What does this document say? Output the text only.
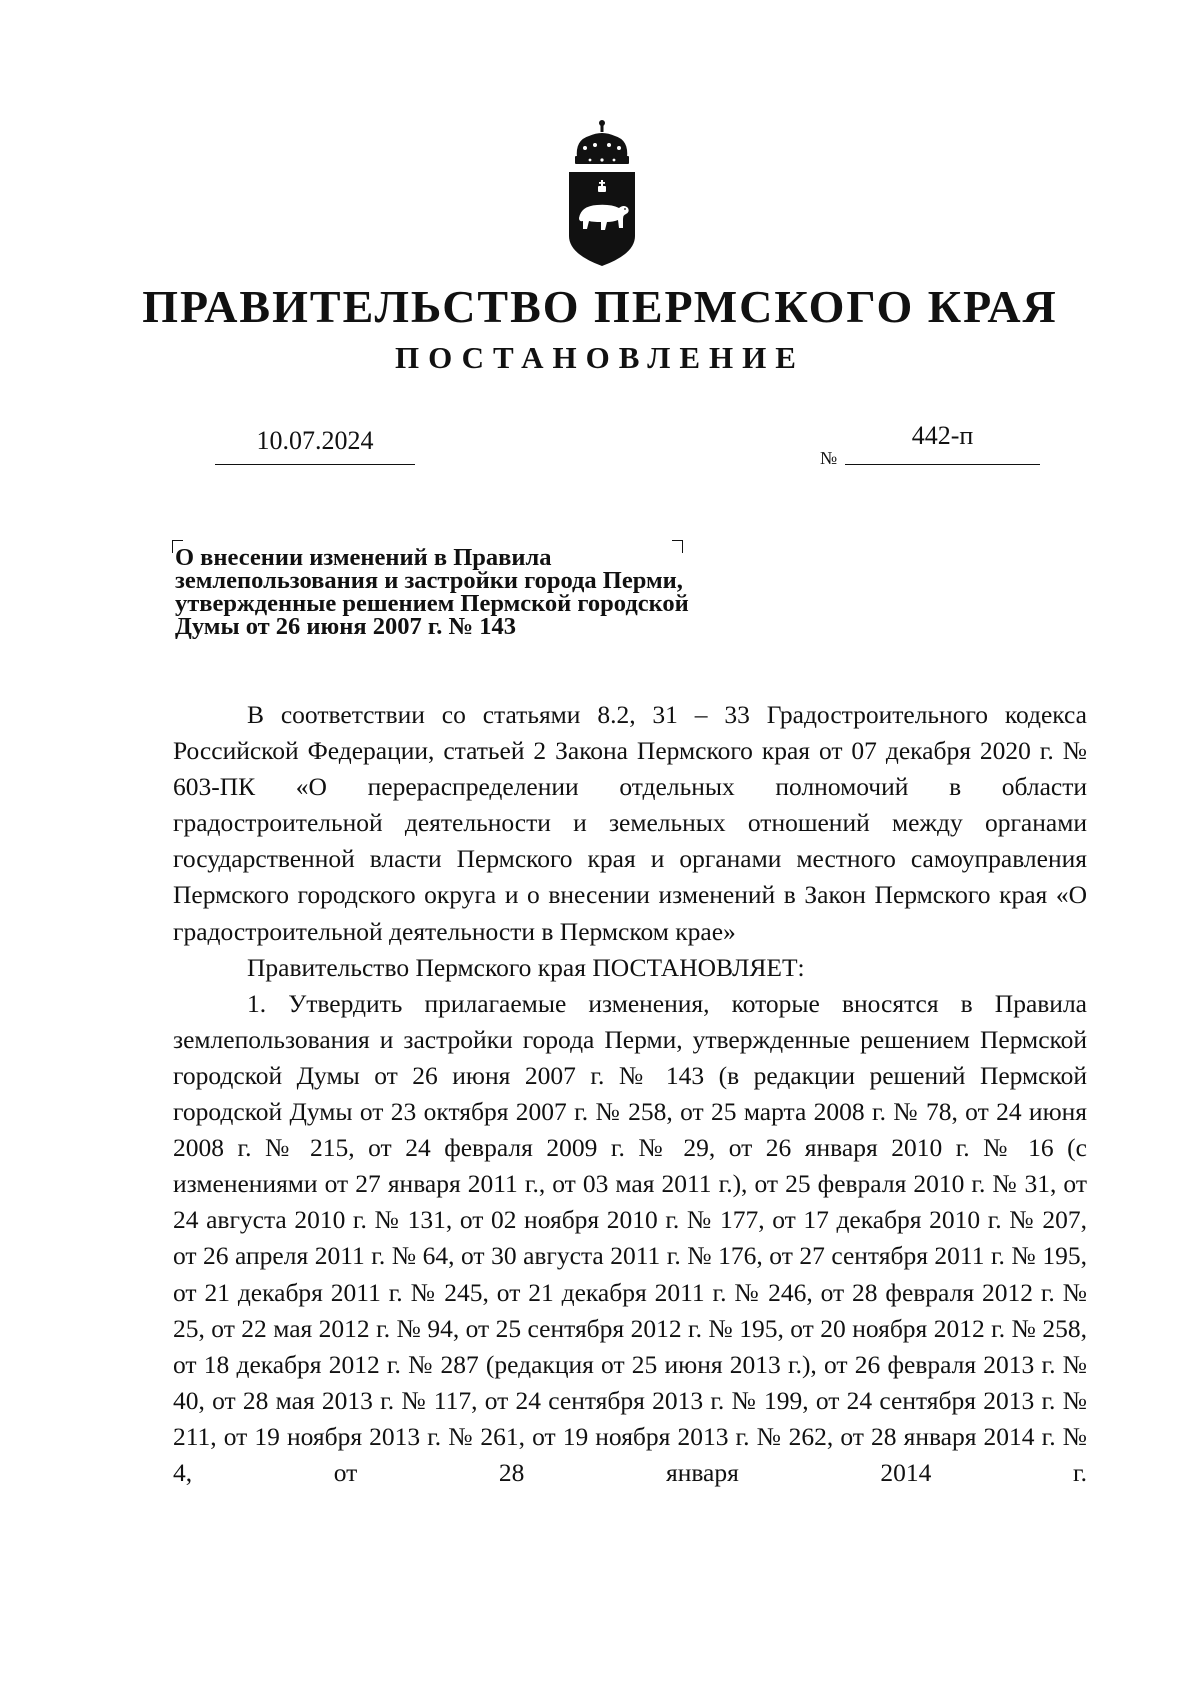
ПРАВИТЕЛЬСТВО ПЕРМСКОГО КРАЯ
ПОСТАНОВЛЕНИЕ
10.07.2024
№
442-п

О внесении изменений в Правила землепользования и застройки города Перми, утвержденные решением Пермской городской Думы от 26 июня 2007 г. № 143

В соответствии со статьями 8.2, 31 – 33 Градостроительного кодекса Российской Федерации, статьей 2 Закона Пермского края от 07 декабря 2020 г. № 603-ПК «О перераспределении отдельных полномочий в области градостроительной деятельности и земельных отношений между органами государственной власти Пермского края и органами местного самоуправления Пермского городского округа и о внесении изменений в Закон Пермского края «О градостроительной деятельности в Пермском крае»

Правительство Пермского края ПОСТАНОВЛЯЕТ:

1. Утвердить прилагаемые изменения, которые вносятся в Правила землепользования и застройки города Перми, утвержденные решением Пермской городской Думы от 26 июня 2007 г. № 143 (в редакции решений Пермской городской Думы от 23 октября 2007 г. № 258, от 25 марта 2008 г. № 78, от 24 июня 2008 г. № 215, от 24 февраля 2009 г. № 29, от 26 января 2010 г. № 16 (с изменениями от 27 января 2011 г., от 03 мая 2011 г.), от 25 февраля 2010 г. № 31, от 24 августа 2010 г. № 131, от 02 ноября 2010 г. № 177, от 17 декабря 2010 г. № 207, от 26 апреля 2011 г. № 64, от 30 августа 2011 г. № 176, от 27 сентября 2011 г. № 195, от 21 декабря 2011 г. № 245, от 21 декабря 2011 г. № 246, от 28 февраля 2012 г. № 25, от 22 мая 2012 г. № 94, от 25 сентября 2012 г. № 195, от 20 ноября 2012 г. № 258, от 18 декабря 2012 г. № 287 (редакция от 25 июня 2013 г.), от 26 февраля 2013 г. № 40, от 28 мая 2013 г. № 117, от 24 сентября 2013 г. № 199, от 24 сентября 2013 г. № 211, от 19 ноября 2013 г. № 261, от 19 ноября 2013 г. № 262, от 28 января 2014 г. № 4, от 28 января 2014 г.
